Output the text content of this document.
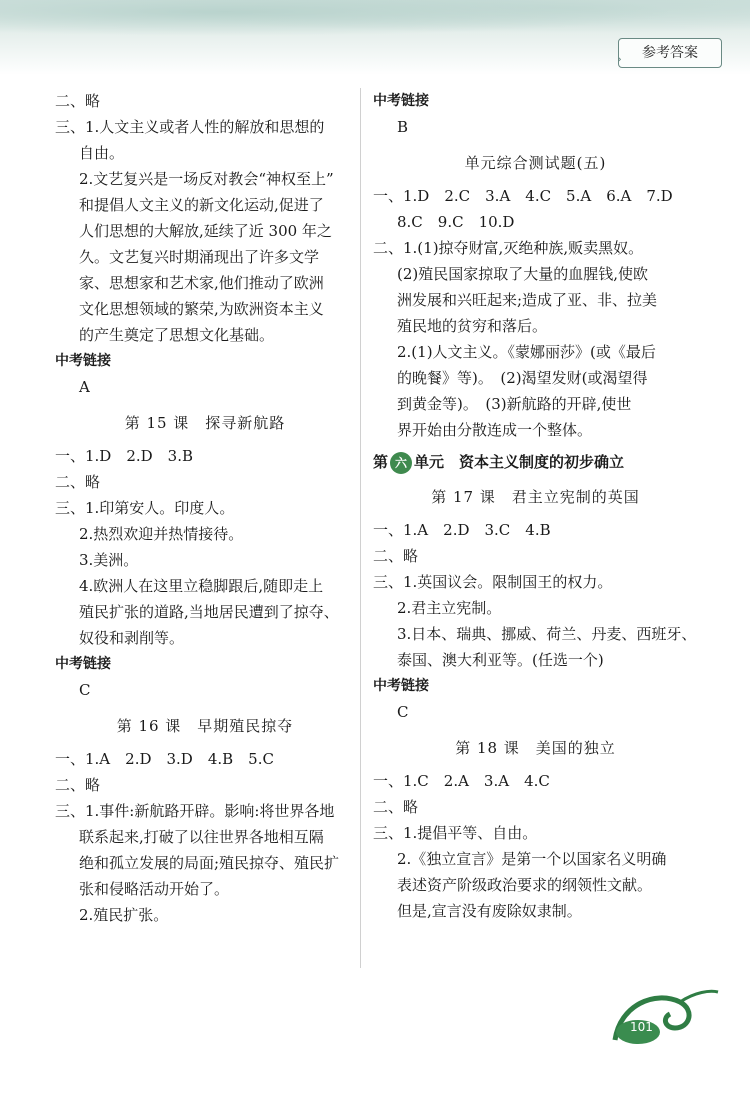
› 参考答案
二、略
三、1.人文主义或者人性的解放和思想的
自由。
2.文艺复兴是一场反对教会“神权至上”
和提倡人文主义的新文化运动,促进了
人们思想的大解放,延续了近 300 年之
久。文艺复兴时期涌现出了许多文学
家、思想家和艺术家,他们推动了欧洲
文化思想领域的繁荣,为欧洲资本主义
的产生奠定了思想文化基础。
中考链接
A
第 15 课　探寻新航路
一、1.D　2.D　3.B
二、略
三、1.印第安人。印度人。
2.热烈欢迎并热情接待。
3.美洲。
4.欧洲人在这里立稳脚跟后,随即走上
殖民扩张的道路,当地居民遭到了掠夺、
奴役和剥削等。
中考链接
C
第 16 课　早期殖民掠夺
一、1.A　2.D　3.D　4.B　5.C
二、略
三、1.事件:新航路开辟。影响:将世界各地
联系起来,打破了以往世界各地相互隔
绝和孤立发展的局面;殖民掠夺、殖民扩
张和侵略活动开始了。
2.殖民扩张。
中考链接
B
单元综合测试题(五)
一、1.D　2.C　3.A　4.C　5.A　6.A　7.D
8.C　9.C　10.D
二、1.(1)掠夺财富,灭绝种族,贩卖黑奴。
(2)殖民国家掠取了大量的血腥钱,使欧
洲发展和兴旺起来;造成了亚、非、拉美
殖民地的贫穷和落后。
2.(1)人文主义。《蒙娜丽莎》(或《最后
的晚餐》等)。　(2)渴望发财(或渴望得
到黄金等)。　(3)新航路的开辟,使世
界开始由分散连成一个整体。
第 六 单元　资本主义制度的初步确立
第 17 课　君主立宪制的英国
一、1.A　2.D　3.C　4.B
二、略
三、1.英国议会。限制国王的权力。
2.君主立宪制。
3.日本、瑞典、挪威、荷兰、丹麦、西班牙、
泰国、澳大利亚等。(任选一个)
中考链接
C
第 18 课　美国的独立
一、1.C　2.A　3.A　4.C
二、略
三、1.提倡平等、自由。
2.《独立宣言》是第一个以国家名义明确
表述资产阶级政治要求的纲领性文献。
但是,宣言没有废除奴隶制。
101
